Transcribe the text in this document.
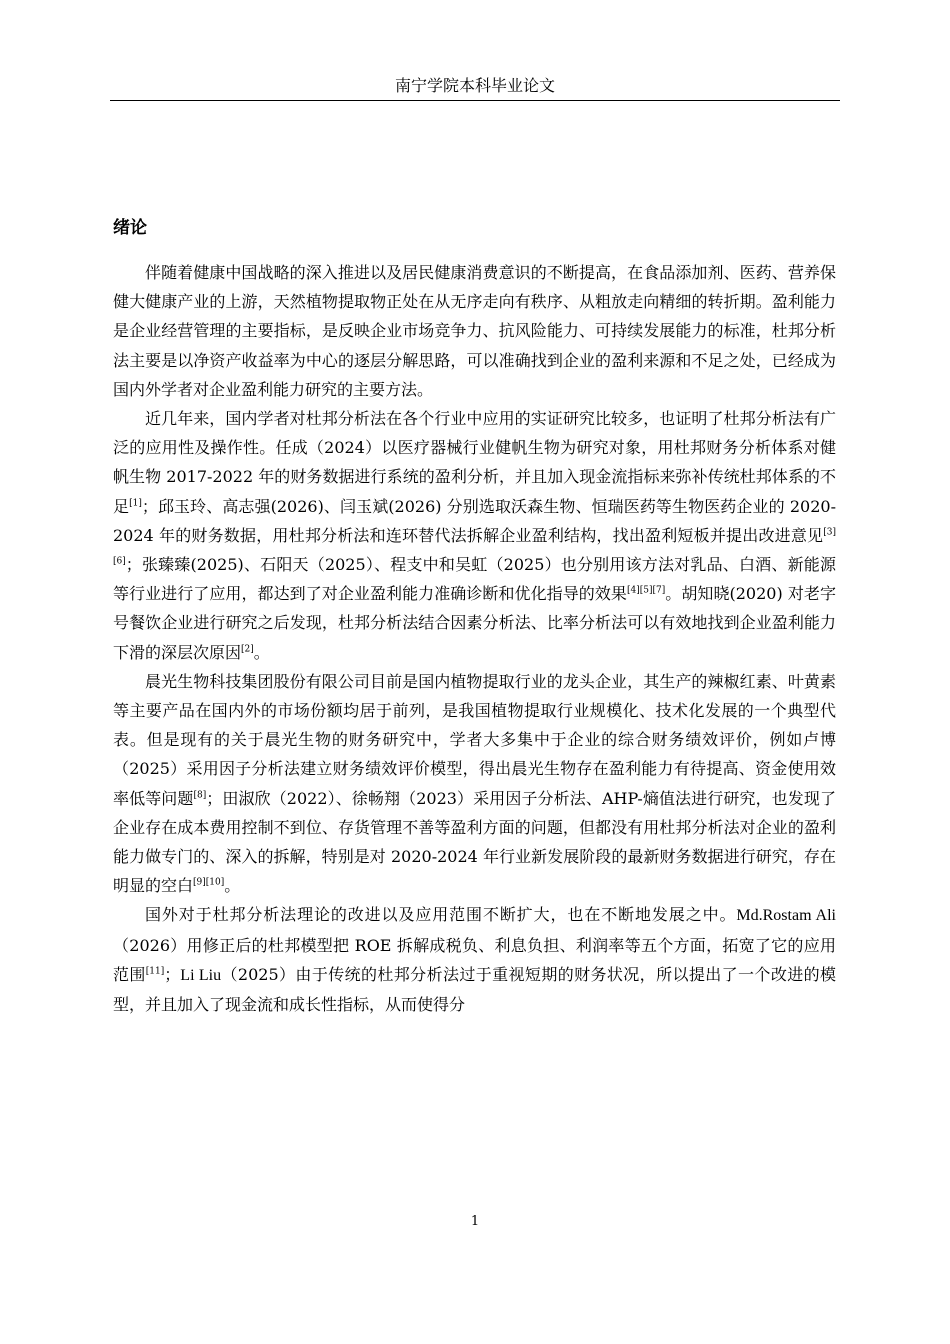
南宁学院本科毕业论文
绪论

伴随着健康中国战略的深入推进以及居民健康消费意识的不断提高，在食品添加剂、医药、营养保健大健康产业的上游，天然植物提取物正处在从无序走向有秩序、从粗放走向精细的转折期。盈利能力是企业经营管理的主要指标，是反映企业市场竞争力、抗风险能力、可持续发展能力的标准，杜邦分析法主要是以净资产收益率为中心的逐层分解思路，可以准确找到企业的盈利来源和不足之处，已经成为国内外学者对企业盈利能力研究的主要方法。

近几年来，国内学者对杜邦分析法在各个行业中应用的实证研究比较多，也证明了杜邦分析法有广泛的应用性及操作性。任成（2024）以医疗器械行业健帆生物为研究对象，用杜邦财务分析体系对健帆生物 2017-2022 年的财务数据进行系统的盈利分析，并且加入现金流指标来弥补传统杜邦体系的不足[1]；邱玉玲、高志强(2026)、闫玉斌(2026) 分别选取沃森生物、恒瑞医药等生物医药企业的 2020-2024 年的财务数据，用杜邦分析法和连环替代法拆解企业盈利结构，找出盈利短板并提出改进意见[3][6]；张臻臻(2025)、石阳天（2025）、程支中和吴虹（2025）也分别用该方法对乳品、白酒、新能源等行业进行了应用，都达到了对企业盈利能力准确诊断和优化指导的效果[4][5][7]。胡知晓(2020) 对老字号餐饮企业进行研究之后发现，杜邦分析法结合因素分析法、比率分析法可以有效地找到企业盈利能力下滑的深层次原因[2]。

晨光生物科技集团股份有限公司目前是国内植物提取行业的龙头企业，其生产的辣椒红素、叶黄素等主要产品在国内外的市场份额均居于前列，是我国植物提取行业规模化、技术化发展的一个典型代表。但是现有的关于晨光生物的财务研究中，学者大多集中于企业的综合财务绩效评价，例如卢博（2025）采用因子分析法建立财务绩效评价模型，得出晨光生物存在盈利能力有待提高、资金使用效率低等问题[8]；田淑欣（2022）、徐畅翔（2023）采用因子分析法、AHP-熵值法进行研究，也发现了企业存在成本费用控制不到位、存货管理不善等盈利方面的问题，但都没有用杜邦分析法对企业的盈利能力做专门的、深入的拆解，特别是对 2020-2024 年行业新发展阶段的最新财务数据进行研究，存在明显的空白[9][10]。

国外对于杜邦分析法理论的改进以及应用范围不断扩大，也在不断地发展之中。Md.Rostam Ali（2026）用修正后的杜邦模型把 ROE 拆解成税负、利息负担、利润率等五个方面，拓宽了它的应用范围[11]；Li Liu（2025）由于传统的杜邦分析法过于重视短期的财务状况，所以提出了一个改进的模型，并且加入了现金流和成长性指标，从而使得分

1
